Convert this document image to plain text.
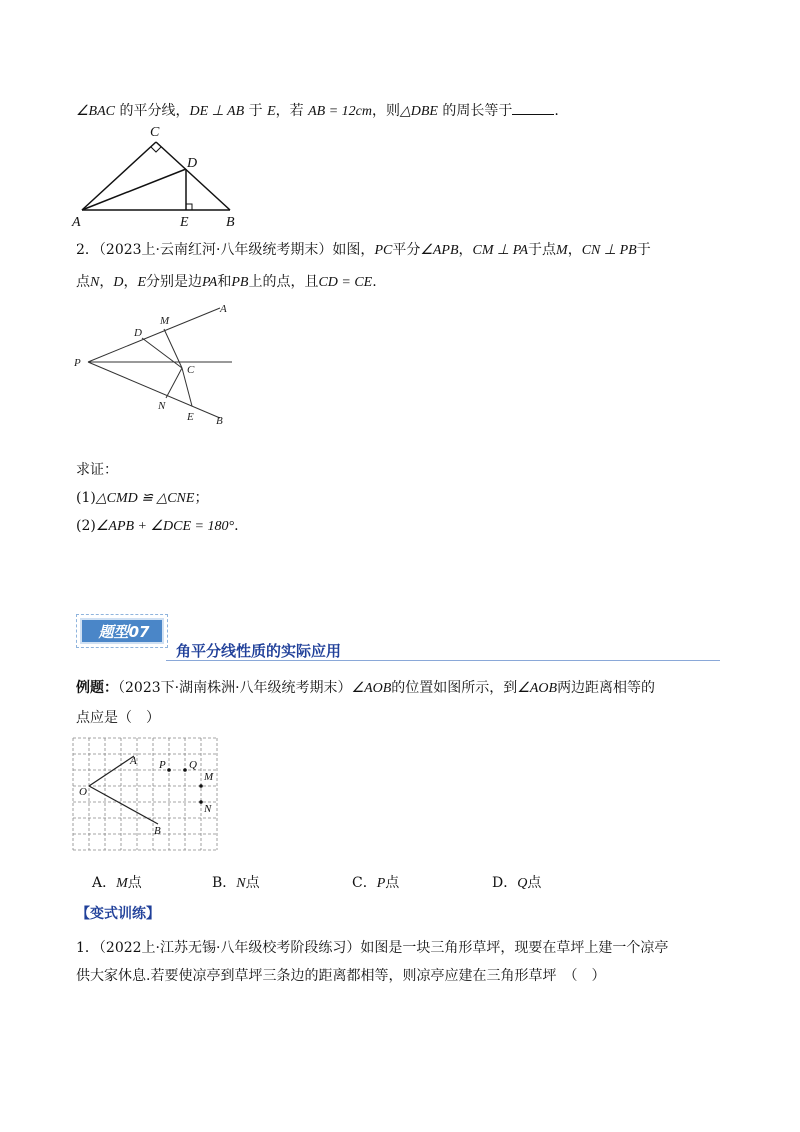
∠BAC 的平分线，DE ⊥ AB 于 E，若 AB = 12cm，则△DBE 的周长等于	.
C
D
A	E	B
2．（2023上·云南红河·八年级统考期末）如图，PC平分∠APB，CM ⊥ PA于点M，CN ⊥ PB于
点N，D，E分别是边PA和PB上的点，且CD = CE.
A
M
D
P
C
N
E B
求证：
(1)△CMD ≌ △CNE；
(2)∠APB + ∠DCE = 180°.
题型07
角平分线性质的实际应用
例题：（2023下·湖南株洲·八年级统考期末）∠AOB的位置如图所示，到∠AOB两边距离相等的
点应是（　）
A P Q
M
O
N
B
A．M点	B．N点	C．P点	D．Q点
【变式训练】
1．（2022上·江苏无锡·八年级校考阶段练习）如图是一块三角形草坪，现要在草坪上建一个凉亭
供大家休息.若要使凉亭到草坪三条边的距离都相等，则凉亭应建在三角形草坪　（　）
